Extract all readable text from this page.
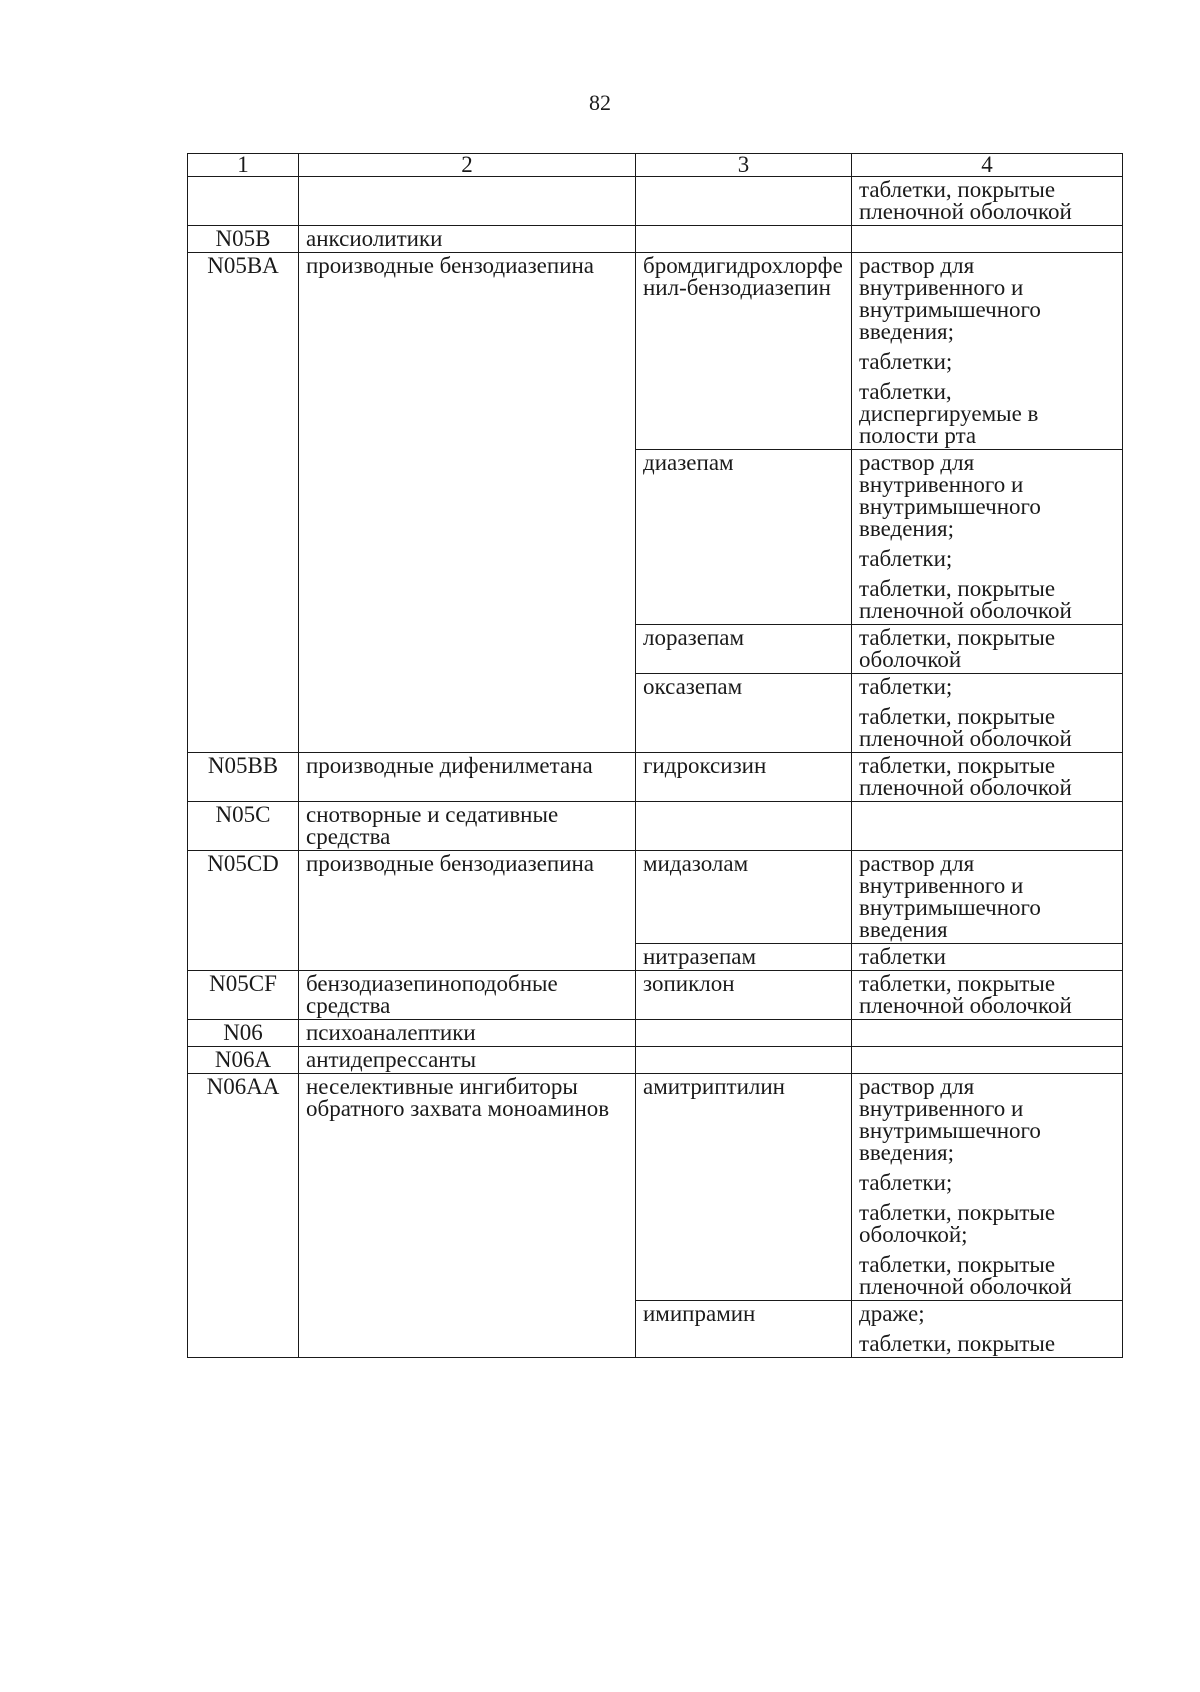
82
1	2	3	4

			таблетки, покрытые пленочной оболочкой

N05B	анксиолитики		
N05BA	производные бензодиазепина	бромдигидрохлорфенил-бензодиазепин	раствор для внутривенного и внутримышечного введения;
таблетки;
таблетки, диспергируемые в полости рта

		диазепам	раствор для внутривенного и внутримышечного введения;
таблетки;
таблетки, покрытые пленочной оболочкой

		лоразепам	таблетки, покрытые оболочкой

		оксазепам	таблетки;
таблетки, покрытые пленочной оболочкой

N05BB	производные дифенилметана	гидроксизин	таблетки, покрытые пленочной оболочкой

N05C	снотворные и седативные средства		
N05CD	производные бензодиазепина	мидазолам	раствор для внутривенного и внутримышечного введения

		нитразепам	таблетки

N05CF	бензодиазепиноподобные средства	зопиклон	таблетки, покрытые пленочной оболочкой

N06	психоаналептики		
N06A	антидепрессанты		
N06AA	неселективные ингибиторы обратного захвата моноаминов	амитриптилин	раствор для внутривенного и внутримышечного введения;
таблетки;
таблетки, покрытые оболочкой;
таблетки, покрытые пленочной оболочкой

		имипрамин	драже;
таблетки, покрытые
